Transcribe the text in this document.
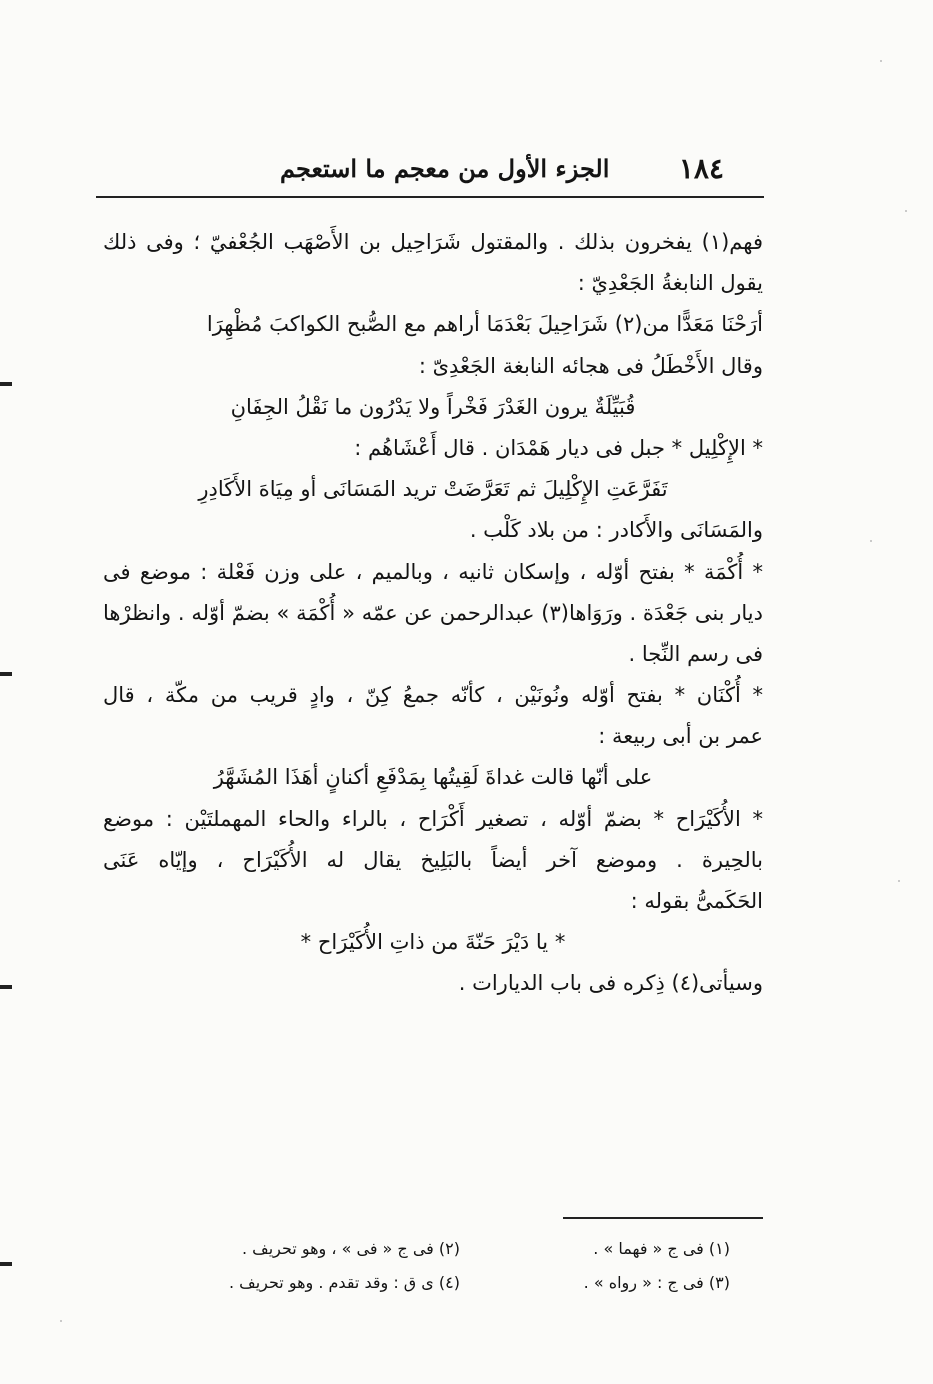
١٨٤
الجزء الأول من معجم ما استعجم
فهم(١) يفخرون بذلك . والمقتول شَرَاحِيل بن الأَصْهَب الجُعْفيّ ؛ وفى ذلك
يقول النابغةُ الجَعْدِيّ :
أرَحْنَا مَعَدًّا من(٢) شَرَاحِيلَ بَعْدَمَا أراهم مع الصُّبح الكواكبَ مُظْهِرَا
وقال الأَخْطَلُ فى هجائه النابغة الجَعْدِىّ :
قُبَيِّلَةٌ يرون الغَدْرَ فَخْراً ولا يَدْرُون ما نَقْلُ الجِفَانِ
* الإِكْلِيل * جبل فى ديار هَمْدَان . قال أَعْشَاهُم :
تَفَرَّعَتِ الإِكْلِيلَ ثم تَعَرَّضَتْ تريد المَسَانَى أو مِيَاهَ الأَكَادِرِ
والمَسَانَى والأَكادر : من بلاد كَلْب .
* أُكْمَة * بفتح أوّله ، وإسكان ثانيه ، وبالميم ، على وزن فَعْلة : موضع فى
ديار بنى جَعْدَة . ورَوَاها(٣) عبدالرحمن عن عمّه « أُكْمَة » بضمّ أوّله . وانظرْها
فى رسم النِّجا .
* أُكْنَان * بفتح أوّله ونُونَيْن ، كأنّه جمعُ كِنّ ، وادٍ قريب من مكّة ، قال
عمر بن أبى ربيعة :
على أنّها قالت غداةَ لَقِيتُها بِمَدْفَعِ أكنانٍ أهَذَا المُشَهَّرُ
* الأُكَيْرَاح * بضمّ أوّله ، تصغير أَكْرَاح ، بالراء والحاء المهملتَيْن : موضع
بالحِيرة . وموضع آخر أيضاً بالبَلِيخ يقال له الأُكَيْرَاح ، وإيّاه عَنَى
الحَكَمىُّ بقوله :
* يا دَيْرَ حَنّةَ من ذاتِ الأُكَيْرَاح *
وسيأتى(٤) ذِكره فى باب الديارات .
(١) فى ج « فهما » .
(٢) فى ج « فى » ، وهو تحريف .
(٣) فى ج : « رواه » .
(٤) ى ق : وقد تقدم . وهو تحريف .
